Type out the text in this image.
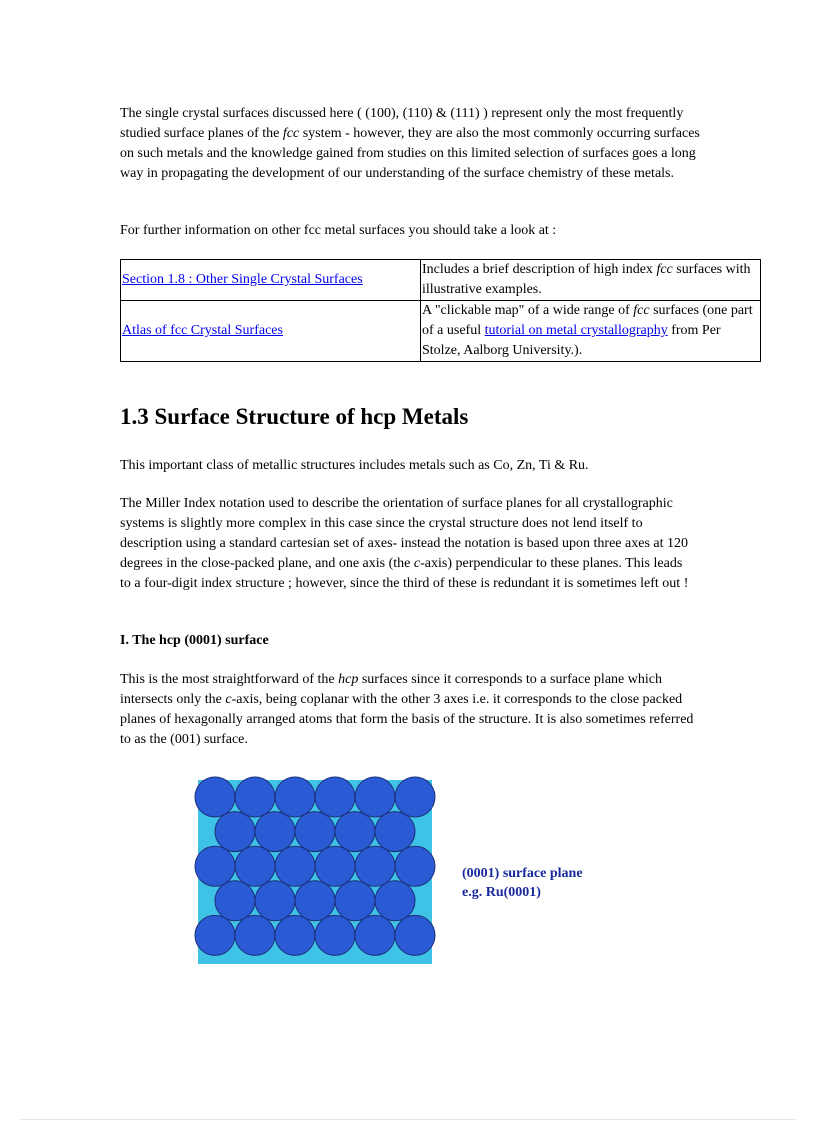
The single crystal surfaces discussed here ( (100), (110) & (111) ) represent only the most frequently studied surface planes of the fcc system - however, they are also the most commonly occurring surfaces on such metals and the knowledge gained from studies on this limited selection of surfaces goes a long way in propagating the development of our understanding of the surface chemistry of these metals.

For further information on other fcc metal surfaces you should take a look at :

Section 1.8 : Other Single Crystal Surfaces	Includes a brief description of high index fcc surfaces with illustrative examples.
Atlas of fcc Crystal Surfaces	A "clickable map" of a wide range of fcc surfaces (one part of a useful tutorial on metal crystallography from Per Stolze, Aalborg University.).
1.3 Surface Structure of hcp Metals

This important class of metallic structures includes metals such as Co, Zn, Ti & Ru.

The Miller Index notation used to describe the orientation of surface planes for all crystallographic systems is slightly more complex in this case since the crystal structure does not lend itself to description using a standard cartesian set of axes- instead the notation is based upon three axes at 120 degrees in the close-packed plane, and one axis (the c-axis) perpendicular to these planes. This leads to a four-digit index structure ; however, since the third of these is redundant it is sometimes left out !

I. The hcp (0001) surface

This is the most straightforward of the hcp surfaces since it corresponds to a surface plane which intersects only the c-axis, being coplanar with the other 3 axes i.e. it corresponds to the close packed planes of hexagonally arranged atoms that form the basis of the structure. It is also sometimes referred to as the (001) surface.

(0001) surface plane
e.g. Ru(0001)
